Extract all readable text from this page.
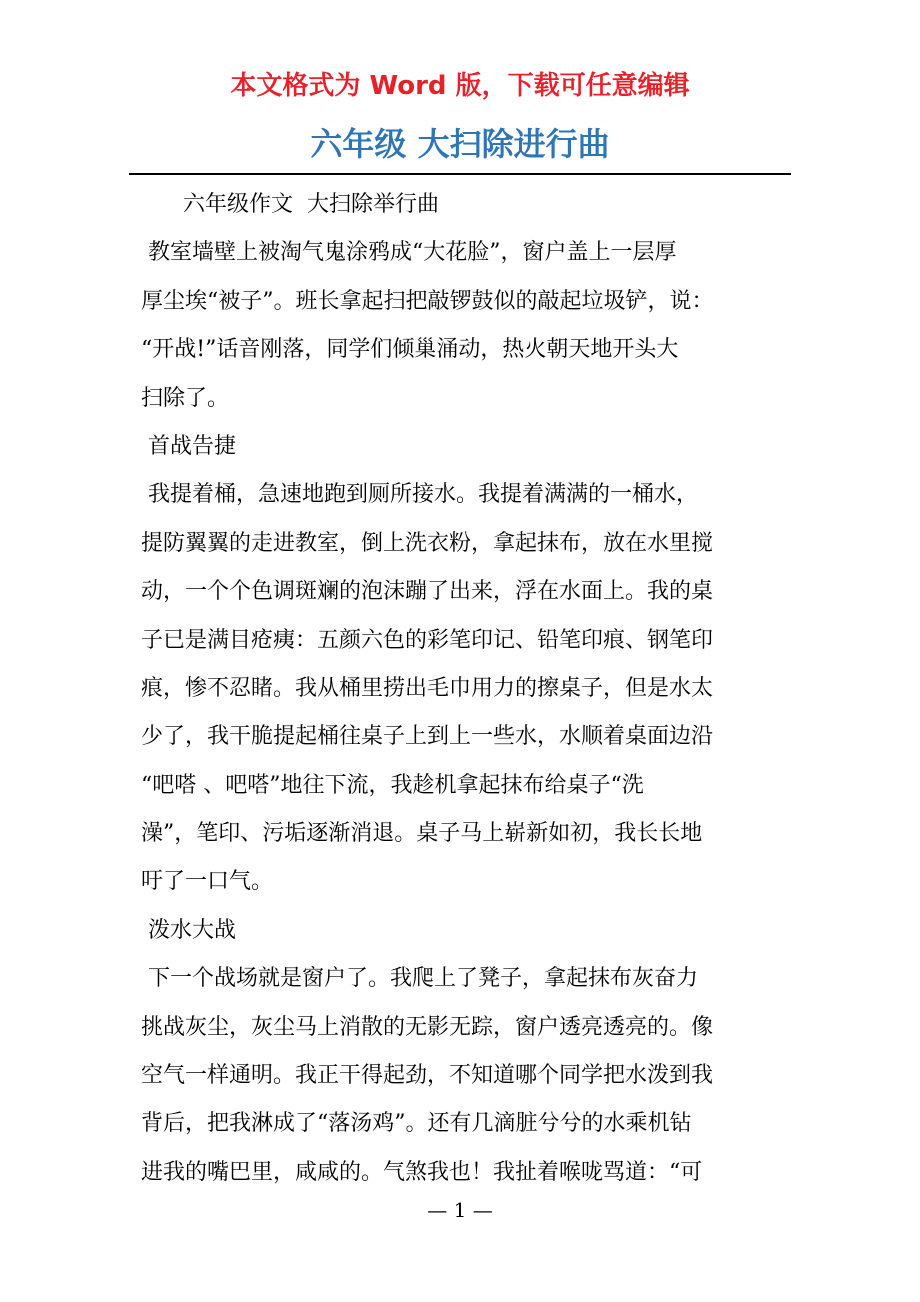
本文格式为 Word 版，下载可任意编辑
六年级 大扫除进行曲
六年级作文  大扫除举行曲
教室墙壁上被淘气鬼涂鸦成“大花脸”，窗户盖上一层厚
厚尘埃“被子”。班长拿起扫把敲锣鼓似的敲起垃圾铲，说：
“开战!”话音刚落，同学们倾巢涌动，热火朝天地开头大
扫除了。
首战告捷
我提着桶，急速地跑到厕所接水。我提着满满的一桶水，
提防翼翼的走进教室，倒上洗衣粉，拿起抹布，放在水里搅
动，一个个色调斑斓的泡沫蹦了出来，浮在水面上。我的桌
子已是满目疮痍：五颜六色的彩笔印记、铅笔印痕、钢笔印
痕，惨不忍睹。我从桶里捞出毛巾用力的擦桌子，但是水太
少了，我干脆提起桶往桌子上到上一些水，水顺着桌面边沿
“吧嗒 、吧嗒”地往下流，我趁机拿起抹布给桌子“洗
澡”，笔印、污垢逐渐消退。桌子马上崭新如初，我长长地
吁了一口气。
泼水大战
下一个战场就是窗户了。我爬上了凳子，拿起抹布灰奋力
挑战灰尘，灰尘马上消散的无影无踪，窗户透亮透亮的。像
空气一样通明。我正干得起劲，不知道哪个同学把水泼到我
背后，把我淋成了“落汤鸡”。还有几滴脏兮兮的水乘机钻
进我的嘴巴里，咸咸的。气煞我也！我扯着喉咙骂道：“可
— 1 —
